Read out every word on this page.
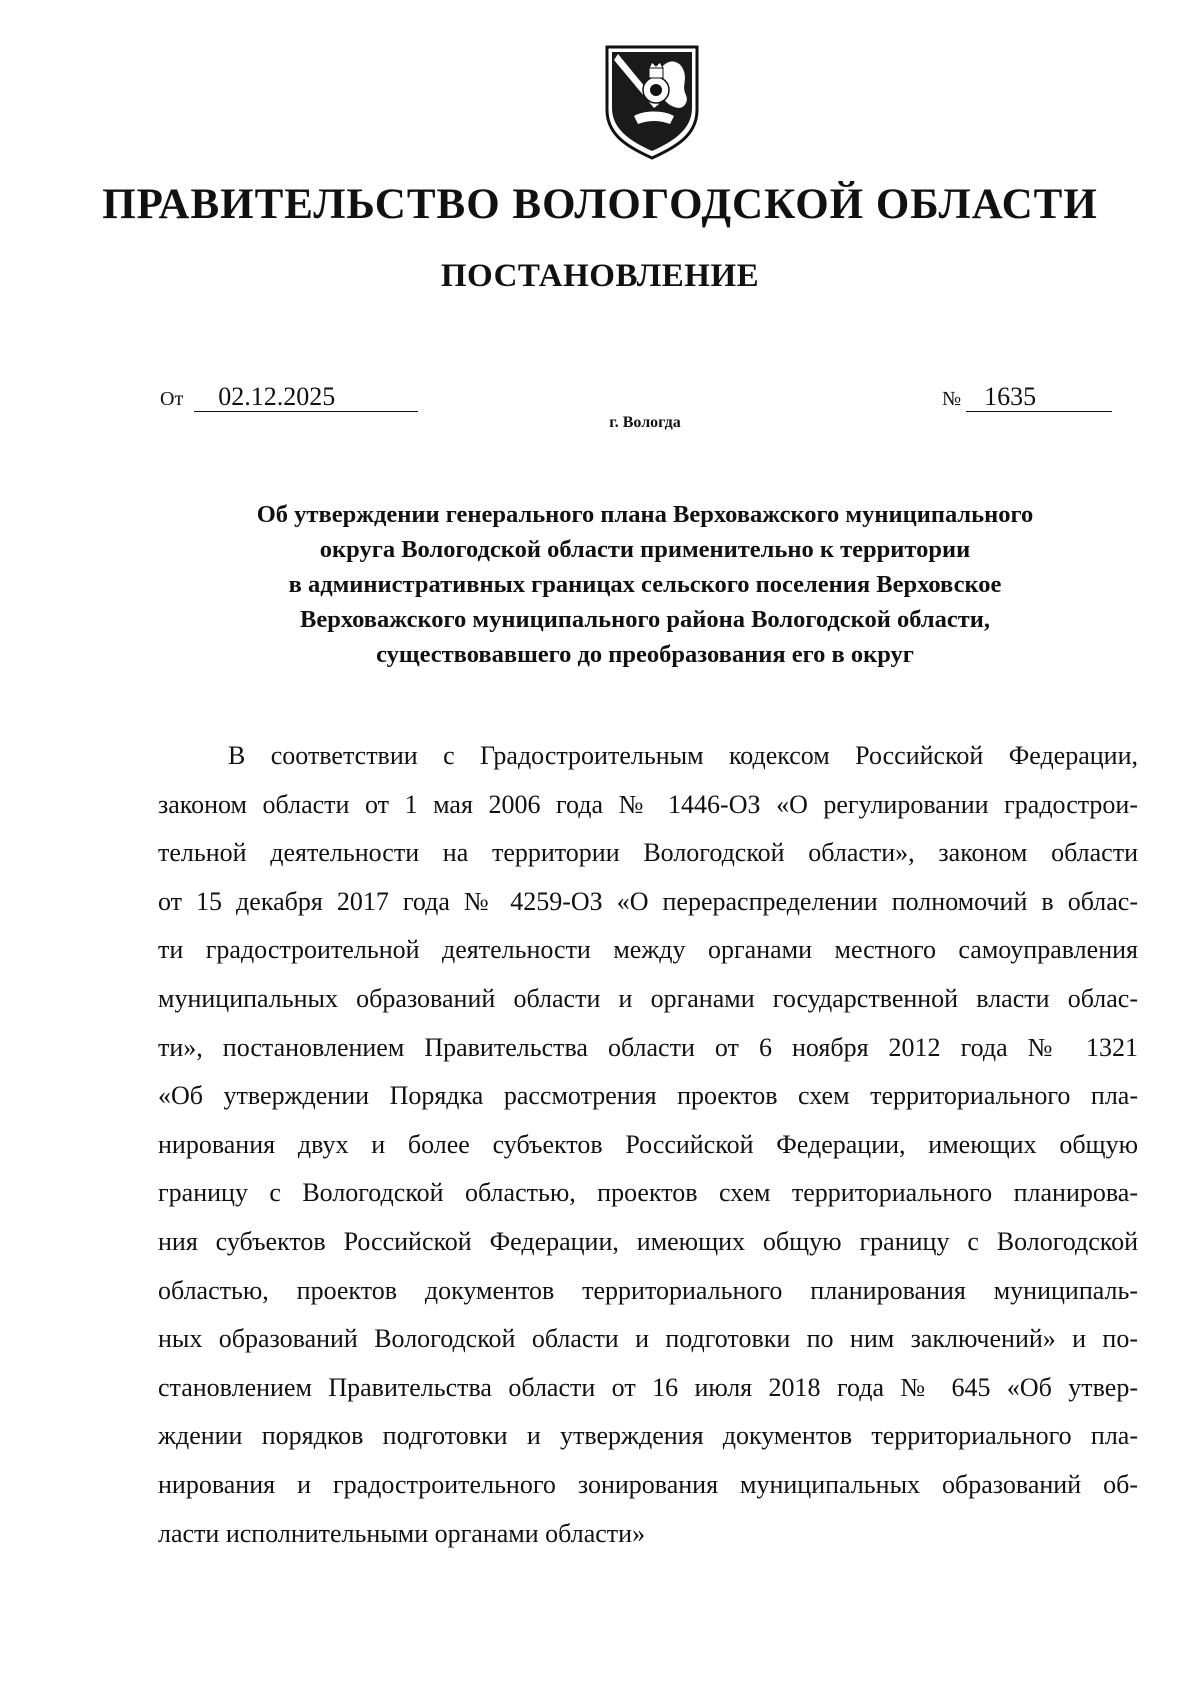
ПРАВИТЕЛЬСТВО ВОЛОГОДСКОЙ ОБЛАСТИ
ПОСТАНОВЛЕНИЕ
От 02.12.2025	№ 1635
г. Вологда
Об утверждении генерального плана Верховажского муниципального
округа Вологодской области применительно к территории
в административных границах сельского поселения Верховское
Верховажского муниципального района Вологодской области,
существовавшего до преобразования его в округ
В соответствии с Градостроительным кодексом Российской Федерации,
законом области от 1 мая 2006 года № 1446-ОЗ «О регулировании градострои-
тельной деятельности на территории Вологодской области», законом области
от 15 декабря 2017 года № 4259-ОЗ «О перераспределении полномочий в облас-
ти градостроительной деятельности между органами местного самоуправления
муниципальных образований области и органами государственной власти облас-
ти», постановлением Правительства области от 6 ноября 2012 года № 1321
«Об утверждении Порядка рассмотрения проектов схем территориального пла-
нирования двух и более субъектов Российской Федерации, имеющих общую
границу с Вологодской областью, проектов схем территориального планирова-
ния субъектов Российской Федерации, имеющих общую границу с Вологодской
областью, проектов документов территориального планирования муниципаль-
ных образований Вологодской области и подготовки по ним заключений» и по-
становлением Правительства области от 16 июля 2018 года № 645 «Об утвер-
ждении порядков подготовки и утверждения документов территориального пла-
нирования и градостроительного зонирования муниципальных образований об-
ласти исполнительными органами области»
